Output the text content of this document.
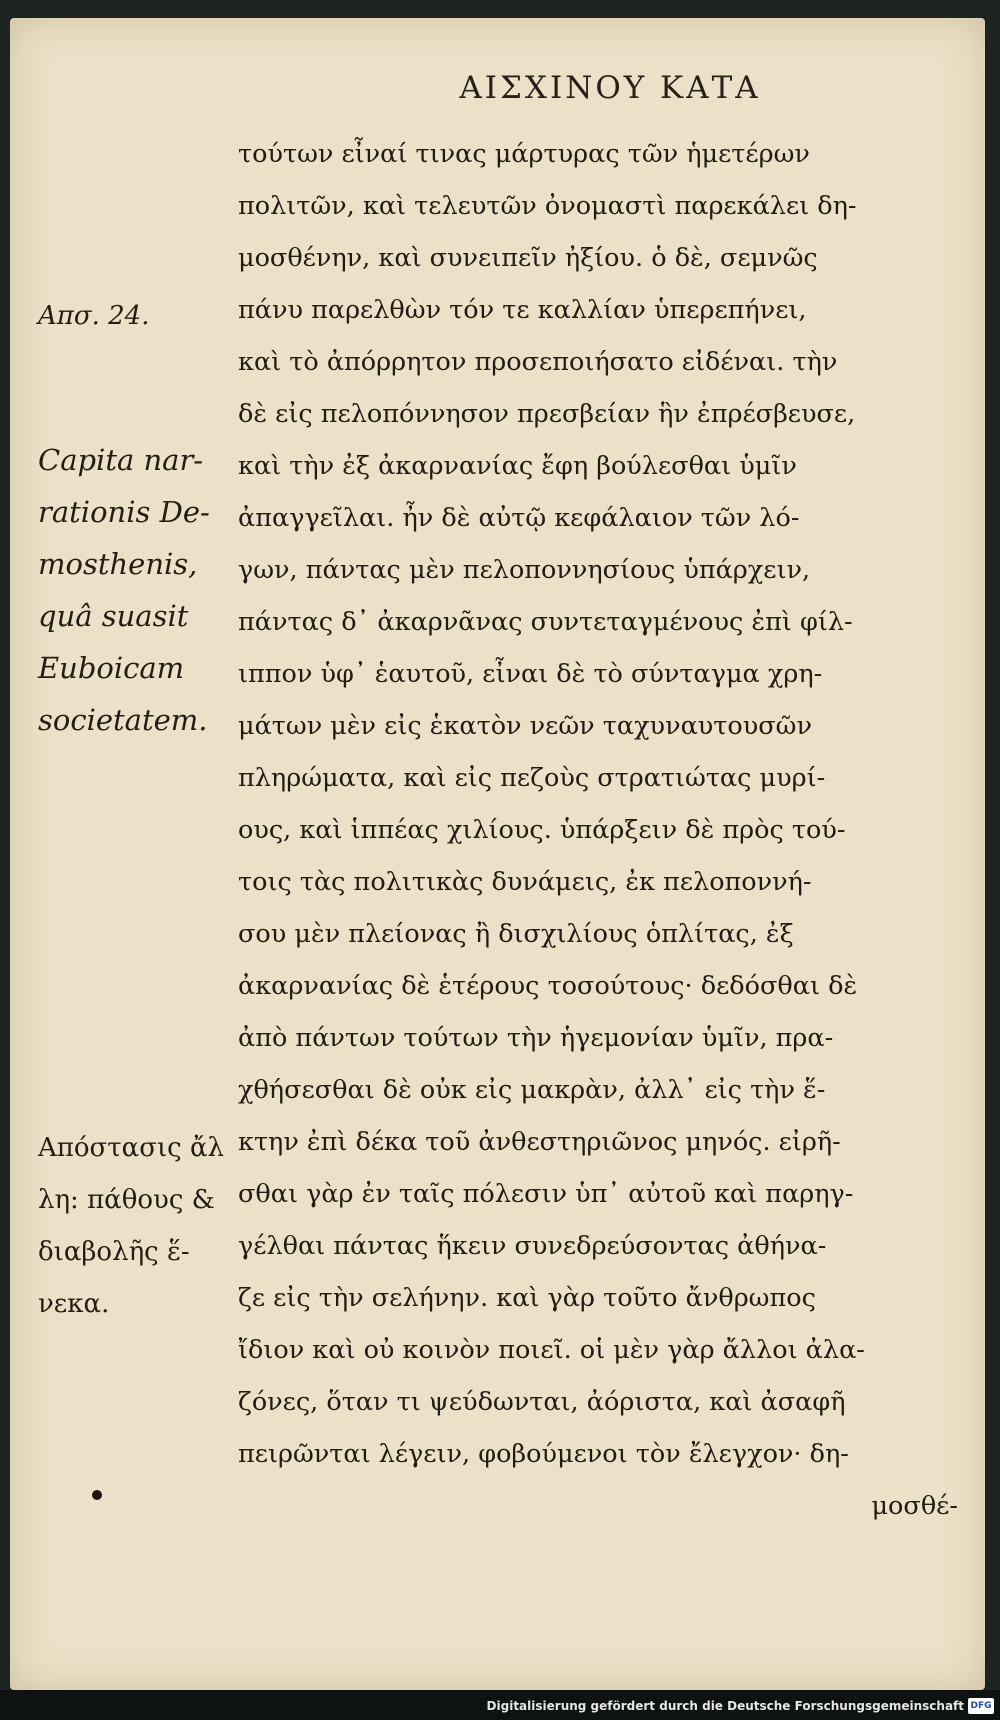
ΑΙΣΧΙΝΟΥ ΚΑΤΑ
Απσ. 24.
Capita nar-
rationis De-
mosthenis,
quâ suasit
Euboicam
societatem.
Απόστασις ἄλ
λη: πάθους &
διαβολῆς ἕ-
νεκα.
τούτων εἶναί τινας μάρτυρας τῶν ἡμετέρων
πολιτῶν, καὶ τελευτῶν ὀνομαστὶ παρεκάλει δη-
μοσθένην, καὶ συνειπεῖν ἠξίου. ὁ δὲ, σεμνῶς
πάνυ παρελθὼν τόν τε καλλίαν ὑπερεπήνει,
καὶ τὸ ἀπόρρητον προσεποιήσατο εἰδέναι. τὴν
δὲ εἰς πελοπόννησον πρεσβείαν ἣν ἐπρέσβευσε,
καὶ τὴν ἐξ ἀκαρνανίας ἔφη βούλεσθαι ὑμῖν
ἀπαγγεῖλαι. ἦν δὲ αὐτῷ κεφάλαιον τῶν λό-
γων, πάντας μὲν πελοποννησίους ὑπάρχειν,
πάντας δ᾽ ἀκαρνᾶνας συντεταγμένους ἐπὶ φίλ-
ιππον ὑφ᾽ ἑαυτοῦ, εἶναι δὲ τὸ σύνταγμα χρη-
μάτων μὲν εἰς ἑκατὸν νεῶν ταχυναυτουσῶν
πληρώματα, καὶ εἰς πεζοὺς στρατιώτας μυρί-
ους, καὶ ἱππέας χιλίους. ὑπάρξειν δὲ πρὸς τού-
τοις τὰς πολιτικὰς δυνάμεις, ἐκ πελοποννή-
σου μὲν πλείονας ἢ δισχιλίους ὁπλίτας, ἐξ
ἀκαρνανίας δὲ ἑτέρους τοσούτους· δεδόσθαι δὲ
ἀπὸ πάντων τούτων τὴν ἡγεμονίαν ὑμῖν, πρα-
χθήσεσθαι δὲ οὐκ εἰς μακρὰν, ἀλλ᾽ εἰς τὴν ἕ-
κτην ἐπὶ δέκα τοῦ ἀνθεστηριῶνος μηνός. εἰρῆ-
σθαι γὰρ ἐν ταῖς πόλεσιν ὑπ᾽ αὐτοῦ καὶ παρηγ-
γέλθαι πάντας ἥκειν συνεδρεύσοντας ἀθήνα-
ζε εἰς τὴν σελήνην. καὶ γὰρ τοῦτο ἄνθρωπος
ἴδιον καὶ οὐ κοινὸν ποιεῖ. οἱ μὲν γὰρ ἄλλοι ἀλα-
ζόνες, ὅταν τι ψεύδωνται, ἀόριστα, καὶ ἀσαφῆ
πειρῶνται λέγειν, φοβούμενοι τὸν ἔλεγχον· δη-
μοσθέ-
Digitalisierung gefördert durch die Deutsche Forschungsgemeinschaft DFG
